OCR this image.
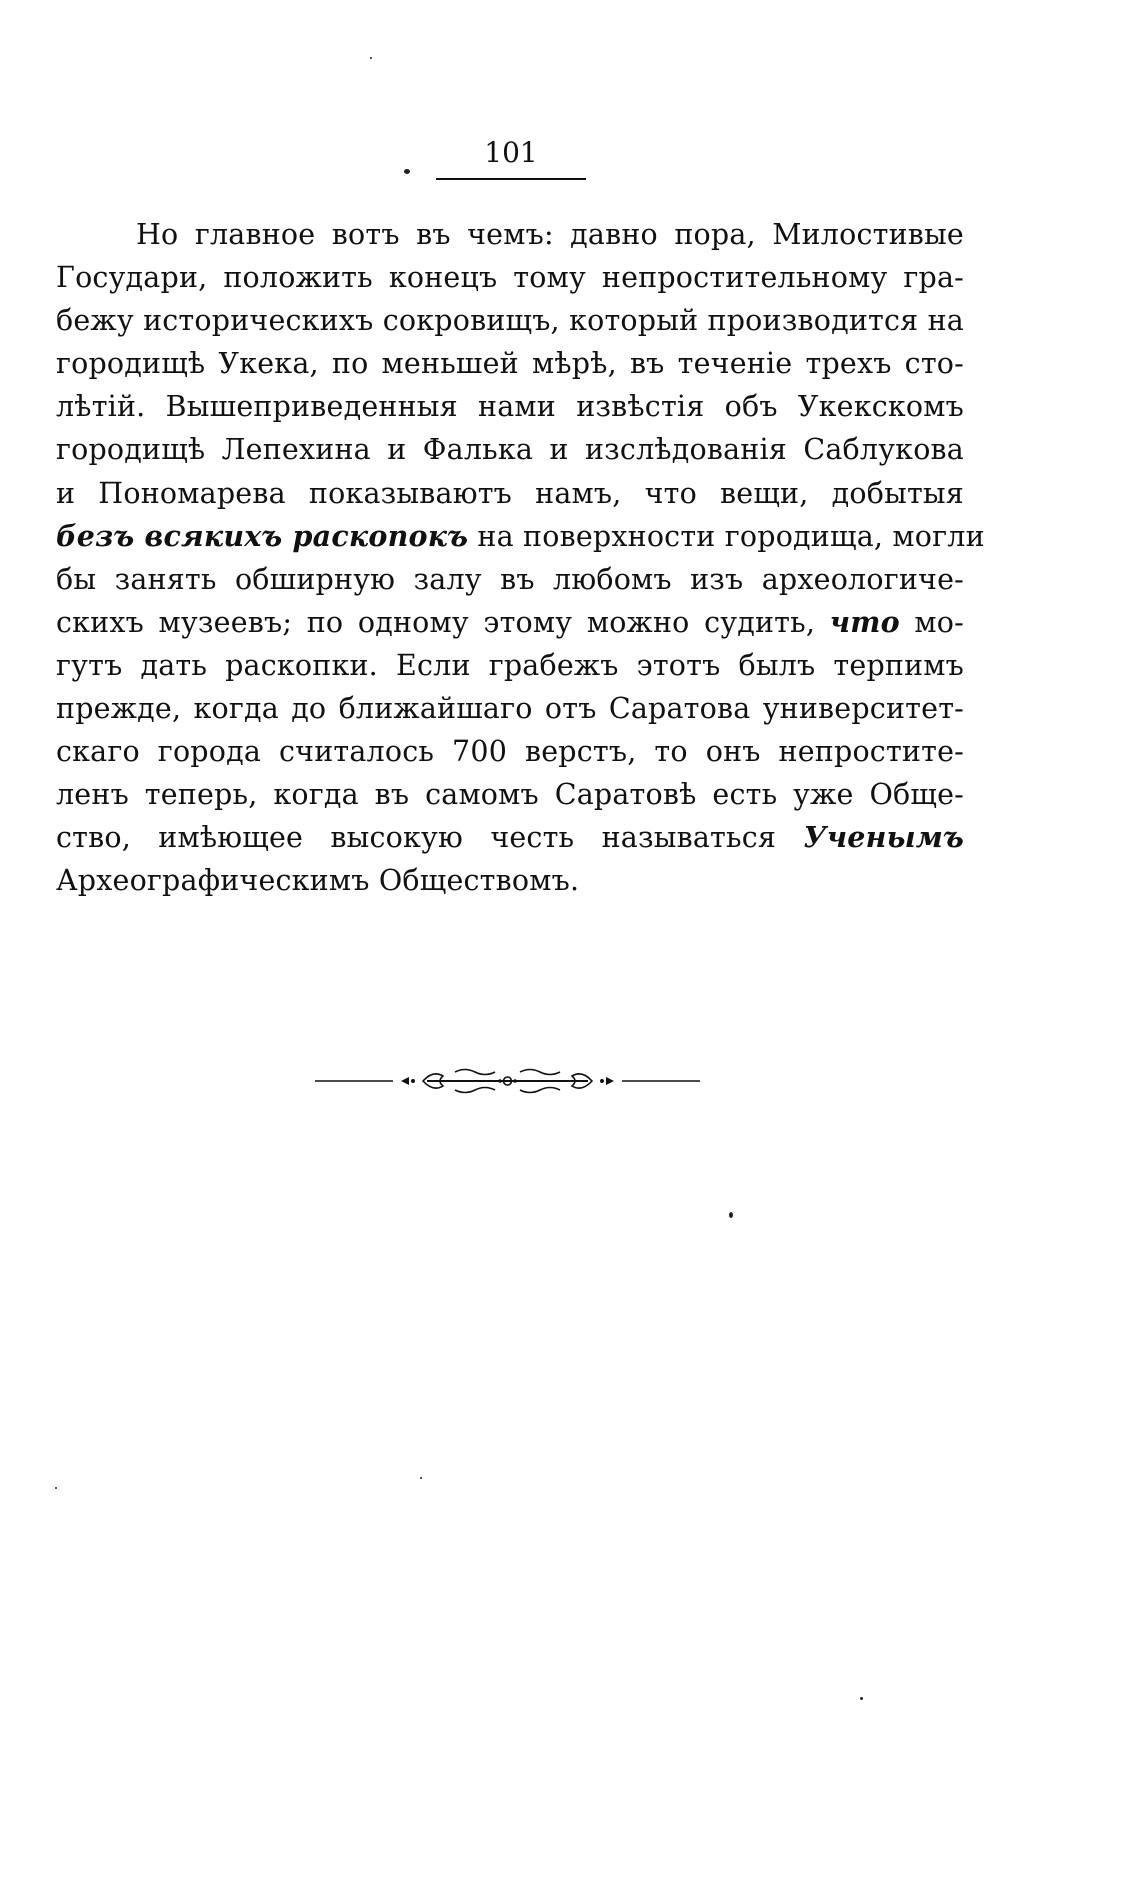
101

Но главное вотъ въ чемъ: давно пора, Милостивые
Государи, положить конецъ тому непростительному гра-
бежу историческихъ сокровищъ, который производится на
городищѣ Укека, по меньшей мѣрѣ, въ теченіе трехъ сто-
лѣтій. Вышеприведенныя нами извѣстія объ Укекскомъ
городищѣ Лепехина и Фалька и изслѣдованія Саблукова
и Пономарева показываютъ намъ, что вещи, добытыя
безъ всякихъ раскопокъ на поверхности городища, могли
бы занять обширную залу въ любомъ изъ археологиче-
скихъ музеевъ; по одному этому можно судить, что мо-
гутъ дать раскопки. Если грабежъ этотъ былъ терпимъ
прежде, когда до ближайшаго отъ Саратова университет-
скаго города считалось 700 верстъ, то онъ непростите-
ленъ теперь, когда въ самомъ Саратовѣ есть уже Обще-
ство, имѣющее высокую честь называться Ученымъ
Археографическимъ Обществомъ.
